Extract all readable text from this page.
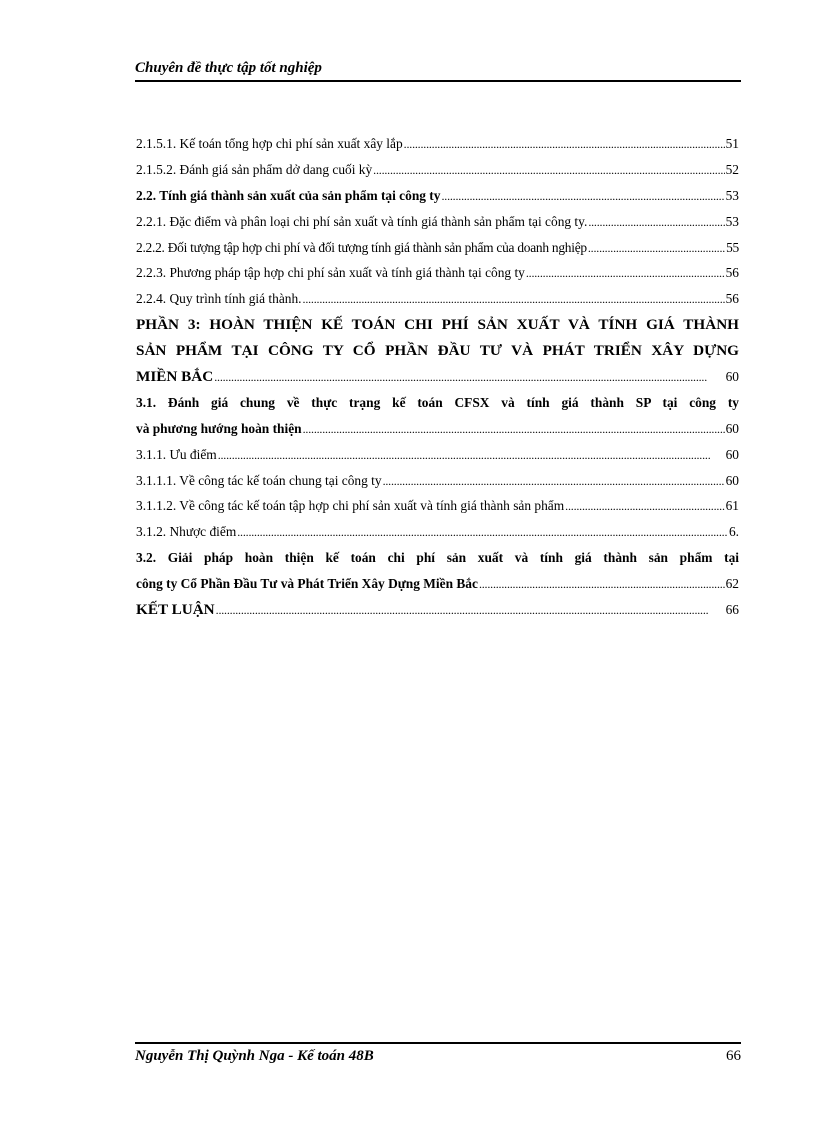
Chuyên đề thực tập tốt nghiệp
2.1.5.1. Kế toán tổng hợp chi phí sản xuất xây lắp . . .	51
2.1.5.2. Đánh giá sản phẩm dở dang cuối kỳ . . .	52
2.2. Tính giá thành sản xuất của sản phẩm tại công ty . . .	53
2.2.1. Đặc điểm và phân loại chi phí sản xuất và tính giá thành sản phẩm tại công ty. . . .	53
2.2.2. Đối tượng tập hợp chi phí và đối tượng tính giá thành sản phẩm của doanh nghiệp . . .	55
2.2.3. Phương pháp tập hợp chi phí sản xuất và tính giá thành tại công ty . . .	56
2.2.4. Quy trình tính giá thành. . . .	56
PHẦN 3: HOÀN THIỆN KẾ TOÁN CHI PHÍ SẢN XUẤT VÀ TÍNH GIÁ THÀNH
SẢN PHẨM TẠI CÔNG TY CỔ PHẦN ĐẦU TƯ VÀ PHÁT TRIỂN XÂY DỰNG
MIỀN BẮC . . .	60
3.1. Đánh giá chung về thực trạng kế toán CFSX và tính giá thành SP tại công ty
và phương hướng hoàn thiện . . .	60
3.1.1. Ưu điểm . . .	60
3.1.1.1. Về công tác kế toán chung tại công ty . . .	60
3.1.1.2. Về công tác kế toán tập hợp chi phí sản xuất và tính giá thành sản phẩm . . .	61
3.1.2. Nhược điểm . . .	6.
3.2. Giải pháp hoàn thiện kế toán chi phí sản xuất và tính giá thành sản phẩm tại
công ty Cổ Phần Đầu Tư và Phát Triển Xây Dựng Miền Bắc . . .	62
KẾT LUẬN . . .	66
Nguyễn Thị Quỳnh Nga - Kế toán 48B	66
